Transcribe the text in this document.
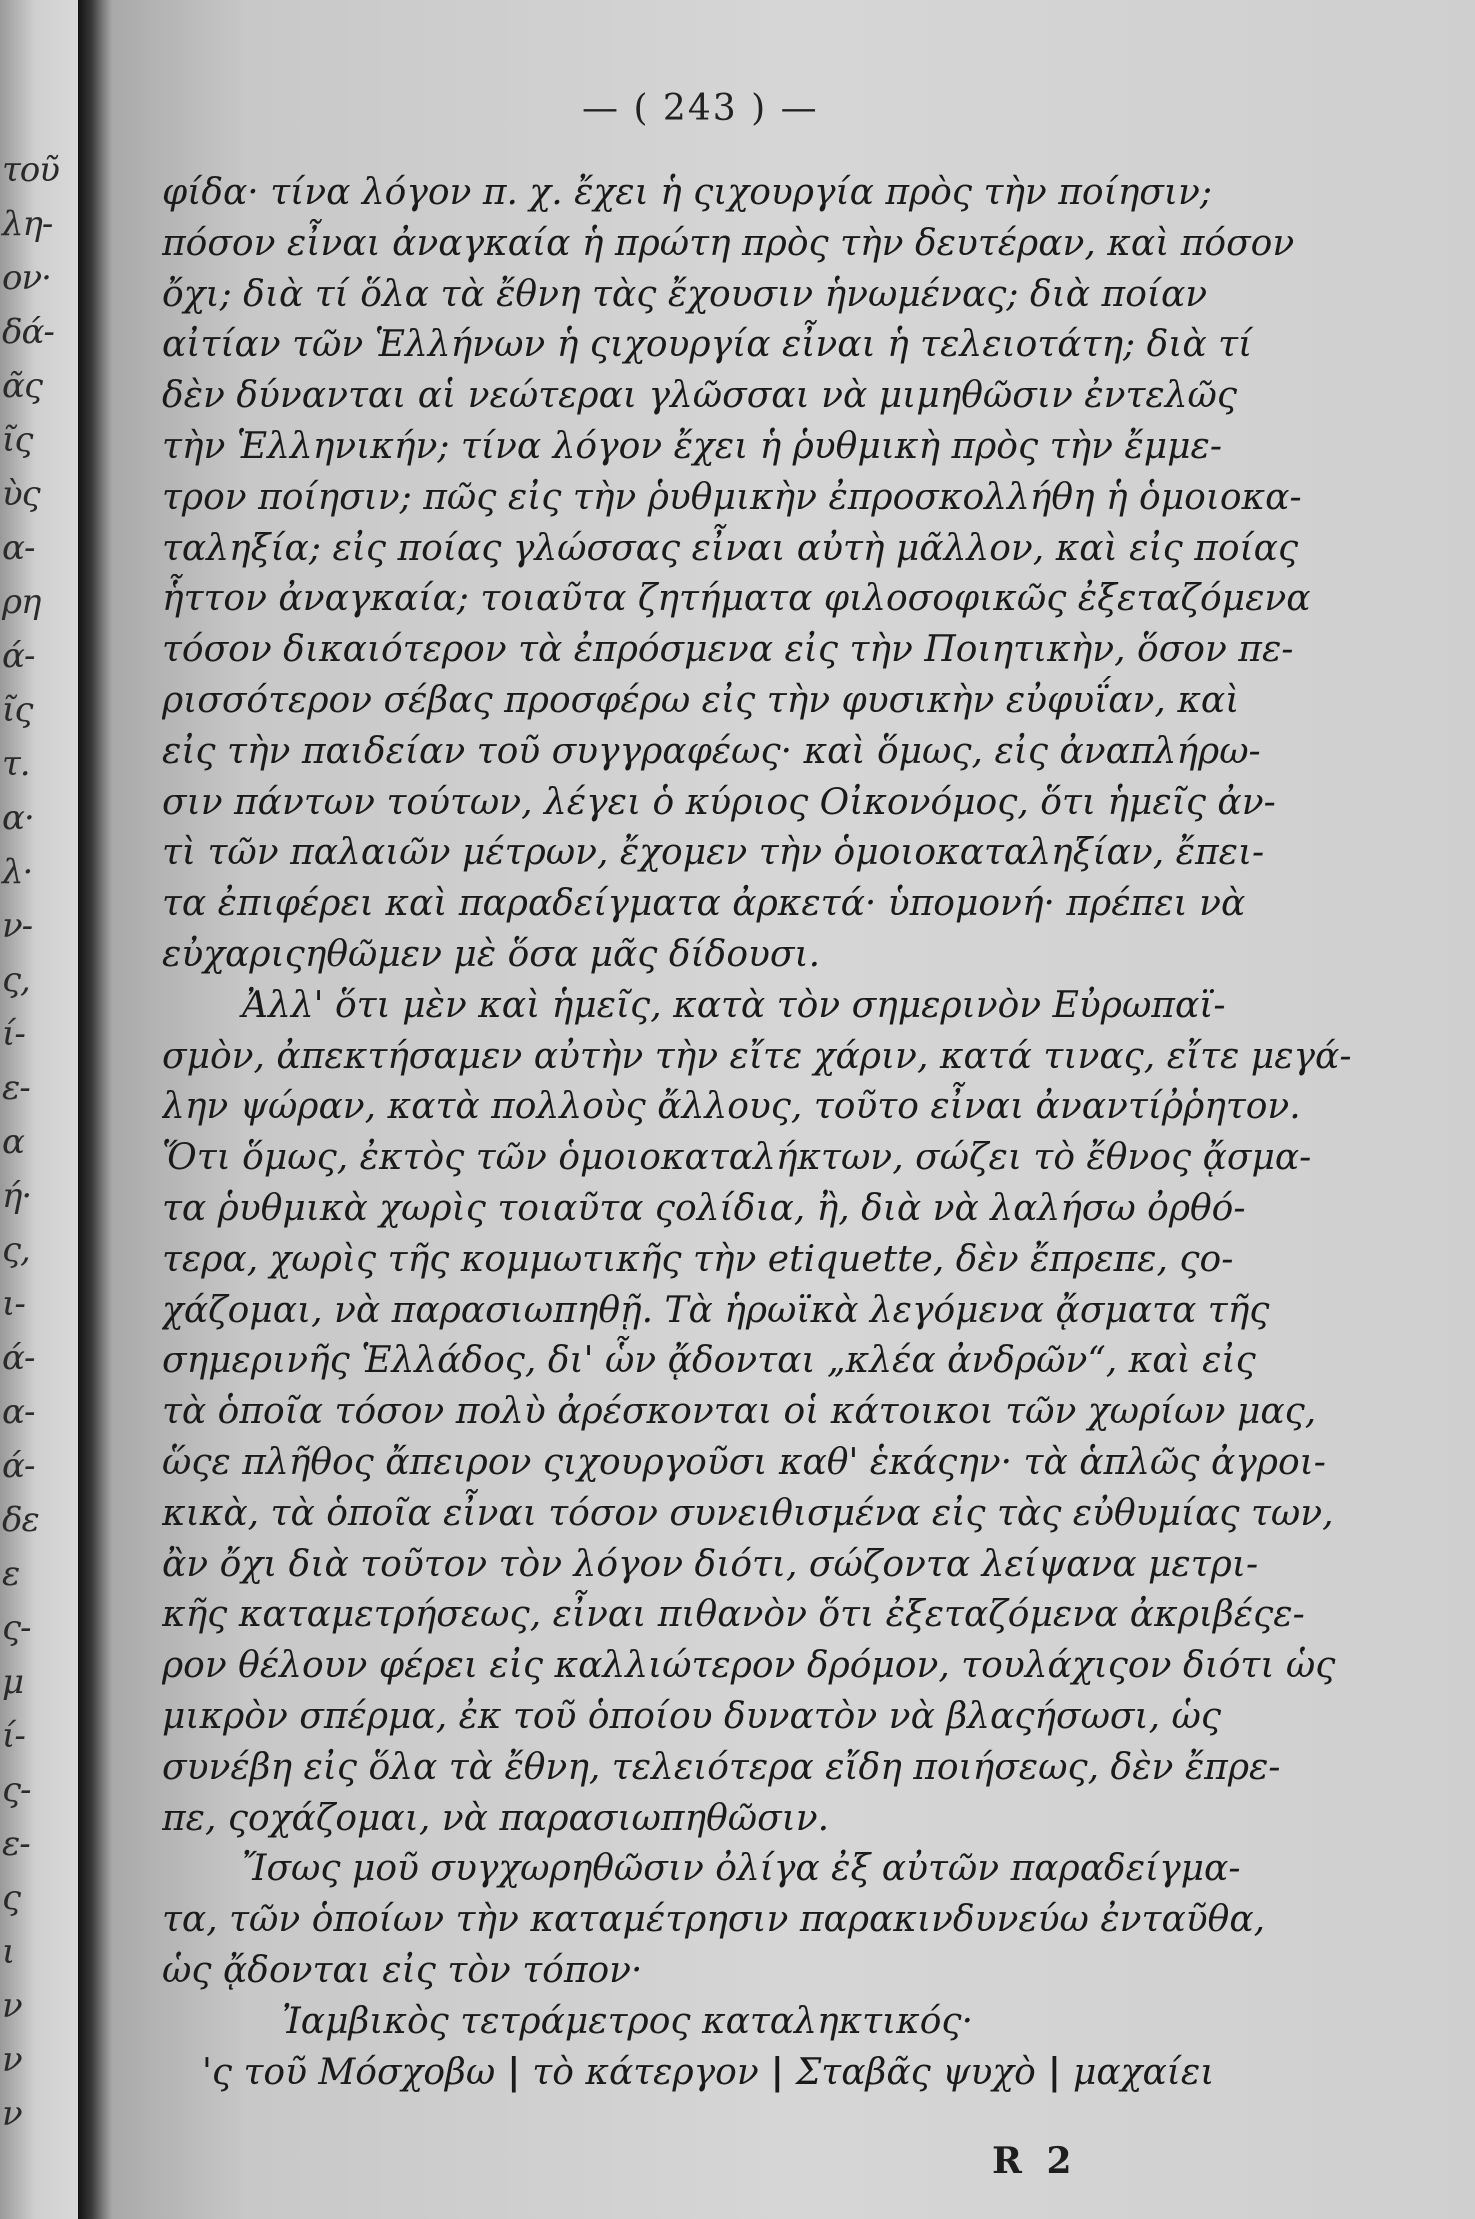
τοῦ
λη-
ον·
δά-
ᾶς
ῖς
ὺς
α-
ρη
ά-
ῖς
τ.
α·
λ·
ν-
ς,
ί-
ε-
α
ή·
ς,
ι-
ά-
α-
ά-
δε
ε
ς-
μ
ί-
ς-
ε-
ς
ι
ν
ν
ν
— ( 243 ) —
φίδα· τίνα λόγον π. χ. ἔχει ἡ ςιχουργία πρὸς τὴν ποίησιν;
πόσον εἶναι ἀναγκαία ἡ πρώτη πρὸς τὴν δευτέραν, καὶ πόσον
ὄχι; διὰ τί ὅλα τὰ ἔθνη τὰς ἔχουσιν ἡνωμένας; διὰ ποίαν
αἰτίαν τῶν Ἑλλήνων ἡ ςιχουργία εἶναι ἡ τελειοτάτη; διὰ τί
δὲν δύνανται αἱ νεώτεραι γλῶσσαι νὰ μιμηθῶσιν ἐντελῶς
τὴν Ἑλληνικήν; τίνα λόγον ἔχει ἡ ῥυθμικὴ πρὸς τὴν ἔμμε-
τρον ποίησιν; πῶς εἰς τὴν ῥυθμικὴν ἐπροσκολλήθη ἡ ὁμοιοκα-
ταληξία; εἰς ποίας γλώσσας εἶναι αὐτὴ μᾶλλον, καὶ εἰς ποίας
ἧττον ἀναγκαία; τοιαῦτα ζητήματα φιλοσοφικῶς ἐξεταζόμενα
τόσον δικαιότερον τὰ ἐπρόσμενα εἰς τὴν Ποιητικὴν, ὅσον πε-
ρισσότερον σέβας προσφέρω εἰς τὴν φυσικὴν εὐφυΐαν, καὶ
εἰς τὴν παιδείαν τοῦ συγγραφέως· καὶ ὅμως, εἰς ἀναπλήρω-
σιν πάντων τούτων, λέγει ὁ κύριος Οἰκονόμος, ὅτι ἡμεῖς ἀν-
τὶ τῶν παλαιῶν μέτρων, ἔχομεν τὴν ὁμοιοκαταληξίαν, ἔπει-
τα ἐπιφέρει καὶ παραδείγματα ἀρκετά· ὑπομονή· πρέπει νὰ
εὐχαριςηθῶμεν μὲ ὅσα μᾶς δίδουσι.
Ἀλλ' ὅτι μὲν καὶ ἡμεῖς, κατὰ τὸν σημερινὸν Εὐρωπαϊ-
σμὸν, ἀπεκτήσαμεν αὐτὴν τὴν εἴτε χάριν, κατά τινας, εἴτε μεγά-
λην ψώραν, κατὰ πολλοὺς ἄλλους, τοῦτο εἶναι ἀναντίῤῥητον.
Ὅτι ὅμως, ἐκτὸς τῶν ὁμοιοκαταλήκτων, σώζει τὸ ἔθνος ᾄσμα-
τα ῥυθμικὰ χωρὶς τοιαῦτα ςολίδια, ἢ, διὰ νὰ λαλήσω ὀρθό-
τερα, χωρὶς τῆς κομμωτικῆς τὴν etiquette, δὲν ἔπρεπε, ςο-
χάζομαι, νὰ παρασιωπηθῇ. Τὰ ἡρωϊκὰ λεγόμενα ᾄσματα τῆς
σημερινῆς Ἑλλάδος, δι' ὧν ᾄδονται „κλέα ἀνδρῶν“, καὶ εἰς
τὰ ὁποῖα τόσον πολὺ ἀρέσκονται οἱ κάτοικοι τῶν χωρίων μας,
ὥςε πλῆθος ἄπειρον ςιχουργοῦσι καθ' ἑκάςην· τὰ ἁπλῶς ἀγροι-
κικὰ, τὰ ὁποῖα εἶναι τόσον συνειθισμένα εἰς τὰς εὐθυμίας των,
ἂν ὄχι διὰ τοῦτον τὸν λόγον διότι, σώζοντα λείψανα μετρι-
κῆς καταμετρήσεως, εἶναι πιθανὸν ὅτι ἐξεταζόμενα ἀκριβέςε-
ρον θέλουν φέρει εἰς καλλιώτερον δρόμον, τουλάχιςον διότι ὡς
μικρὸν σπέρμα, ἐκ τοῦ ὁποίου δυνατὸν νὰ βλαςήσωσι, ὡς
συνέβη εἰς ὅλα τὰ ἔθνη, τελειότερα εἴδη ποιήσεως, δὲν ἔπρε-
πε, ςοχάζομαι, νὰ παρασιωπηθῶσιν.
Ἴσως μοῦ συγχωρηθῶσιν ὀλίγα ἐξ αὐτῶν παραδείγμα-
τα, τῶν ὁποίων τὴν καταμέτρησιν παρακινδυνεύω ἐνταῦθα,
ὡς ᾄδονται εἰς τὸν τόπον·
Ἰαμβικὸς τετράμετρος καταληκτικός·
'ς τοῦ Μόσχοβω | τὸ κάτεργον | Σταβᾶς ψυχὸ | μαχαίει
R 2
